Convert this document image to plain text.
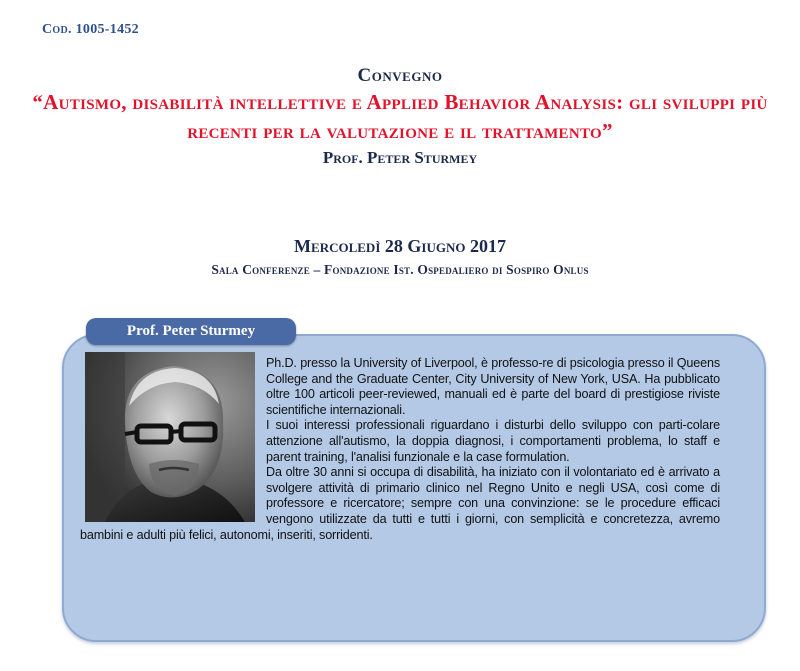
Cod. 1005-1452
Convegno
“Autismo, disabilità intellettive e Applied Behavior Analysis: gli sviluppi più recenti per la valutazione e il trattamento”
Prof. Peter Sturmey
Mercoledì 28 Giugno 2017
Sala Conferenze – Fondazione Ist. Ospedaliero di Sospiro Onlus
Prof. Peter Sturmey

Ph.D. presso la University of Liverpool, è professo-re di psicologia presso il Queens College and the Graduate Center, City University of New York, USA. Ha pubblicato oltre 100 articoli peer-reviewed, manuali ed è parte del board di prestigiose riviste scientifiche internazionali.

I suoi interessi professionali riguardano i disturbi dello sviluppo con parti-colare attenzione all'autismo, la doppia diagnosi, i comportamenti problema, lo staff e parent training, l'analisi funzionale e la case formulation.

Da oltre 30 anni si occupa di disabilità, ha iniziato con il volontariato ed è arrivato a svolgere attività di primario clinico nel Regno Unito e negli USA, così come di professore e ricercatore; sempre con una convinzione: se le procedure efficaci vengono utilizzate da tutti e tutti i giorni, con semplicità e concretezza, avremo bambini e adulti più felici, autonomi, inseriti, sorridenti.
